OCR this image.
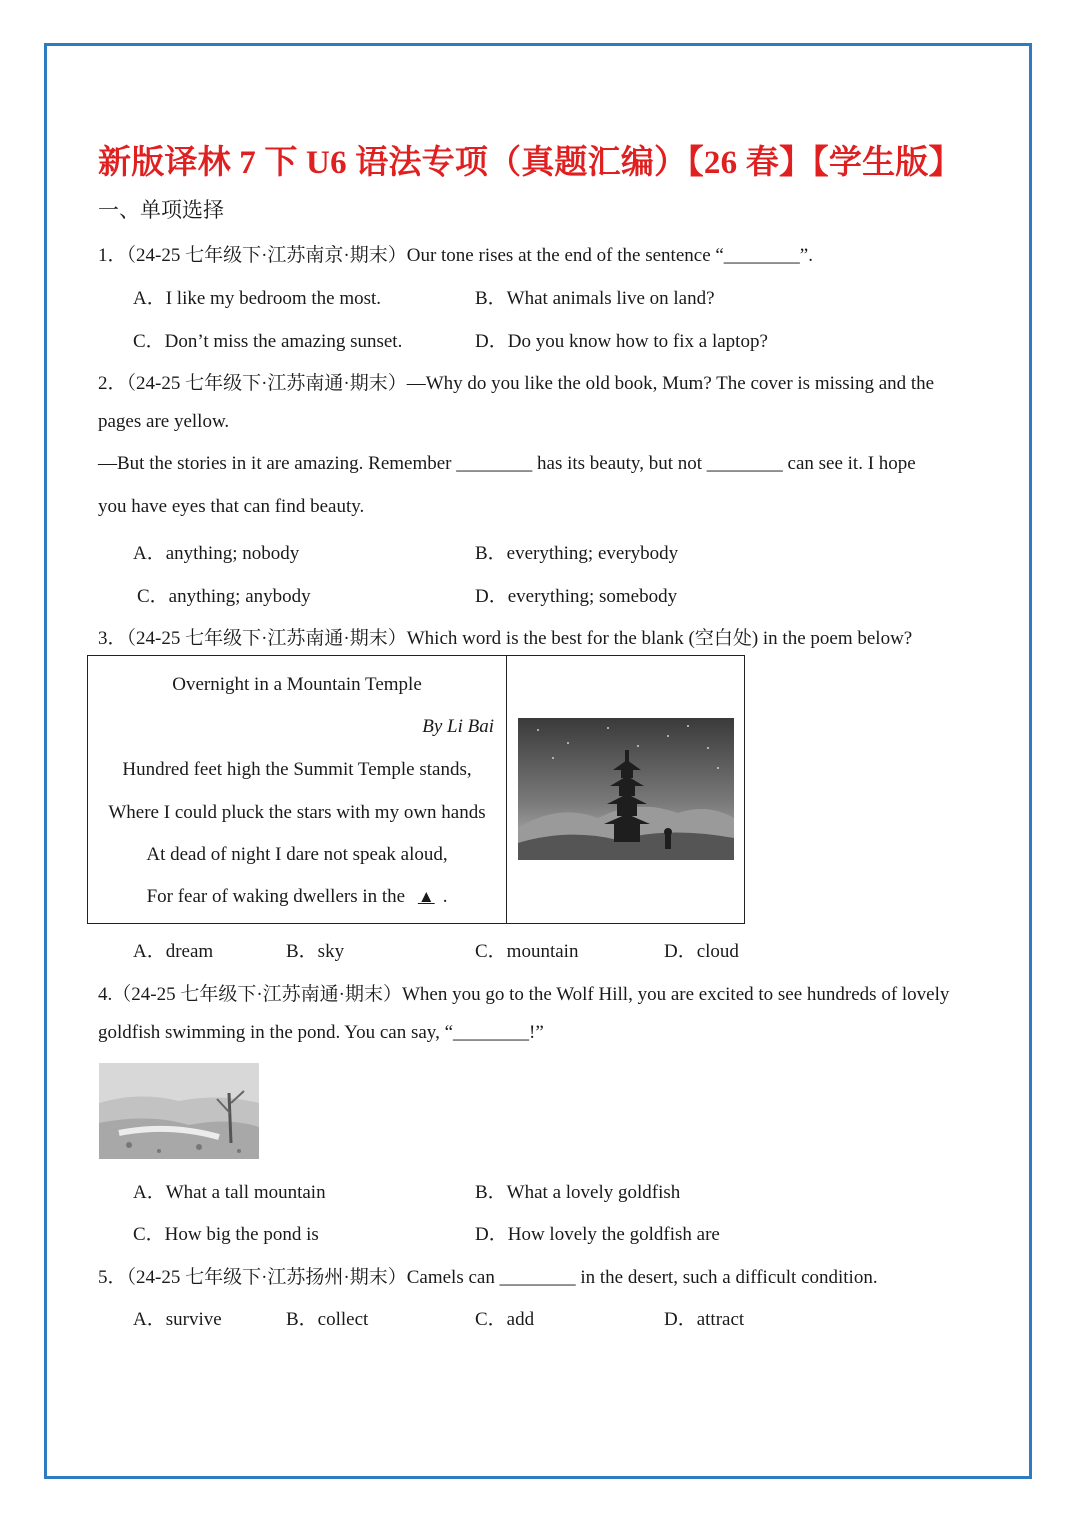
新版译林 7 下 U6 语法专项（真题汇编）【26 春】【学生版】
一、单项选择
1．（24-25 七年级下·江苏南京·期末）Our tone rises at the end of the sentence “________”.
A．I like my bedroom the most.	B．What animals live on land?
C．Don’t miss the amazing sunset.	D．Do you know how to fix a laptop?
2．（24-25 七年级下·江苏南通·期末）—Why do you like the old book, Mum? The cover is missing and the
pages are yellow.
—But the stories in it are amazing. Remember ________ has its beauty, but not ________ can see it. I hope
you have eyes that can find beauty.
A．anything; nobody	B．everything; everybody
C．anything; anybody	D．everything; somebody
3．（24-25 七年级下·江苏南通·期末）Which word is the best for the blank (空白处) in the poem below?
Overnight in a Mountain Temple
By Li Bai
Hundred feet high the Summit Temple stands,
Where I could pluck the stars with my own hands
At dead of night I dare not speak aloud,
For fear of waking dwellers in the ▲ .
A．dream	B．sky	C．mountain	D．cloud
4.（24-25 七年级下·江苏南通·期末）When you go to the Wolf Hill, you are excited to see hundreds of lovely
goldfish swimming in the pond. You can say, “________!”
A．What a tall mountain	B．What a lovely goldfish
C．How big the pond is	D．How lovely the goldfish are
5．（24-25 七年级下·江苏扬州·期末）Camels can ________ in the desert, such a difficult condition.
A．survive	B．collect	C．add	D．attract
